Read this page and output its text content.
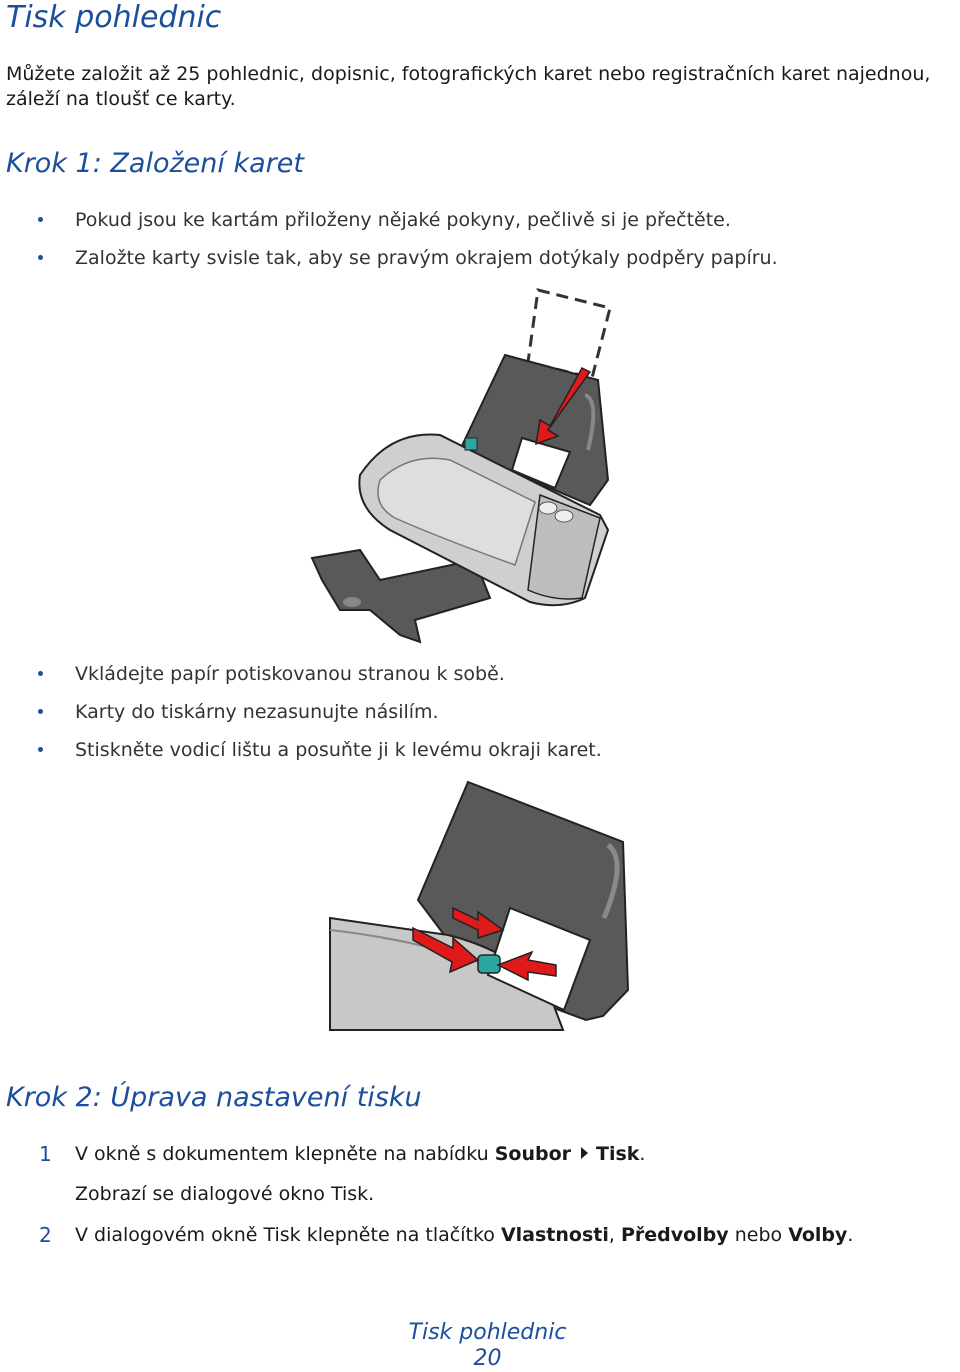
Tisk pohlednic

Můžete založit až 25 pohlednic, dopisnic, fotografických karet nebo registračních karet najednou, záleží na tloušť ce karty.

Krok 1: Založení karet
Pokud jsou ke kartám přiloženy nějaké pokyny, pečlivě si je přečtěte.
Založte karty svisle tak, aby se pravým okrajem dotýkaly podpěry papíru.
Vkládejte papír potiskovanou stranou k sobě.
Karty do tiskárny nezasunujte násilím.
Stiskněte vodicí lištu a posuňte ji k levému okraji karet.
Krok 2: Úprava nastavení tisku
1 V okně s dokumentem klepněte na nabídku Soubor Tisk.
Zobrazí se dialogové okno Tisk.
2 V dialogovém okně Tisk klepněte na tlačítko Vlastnosti, Předvolby nebo Volby.
Tisk pohlednic
20
